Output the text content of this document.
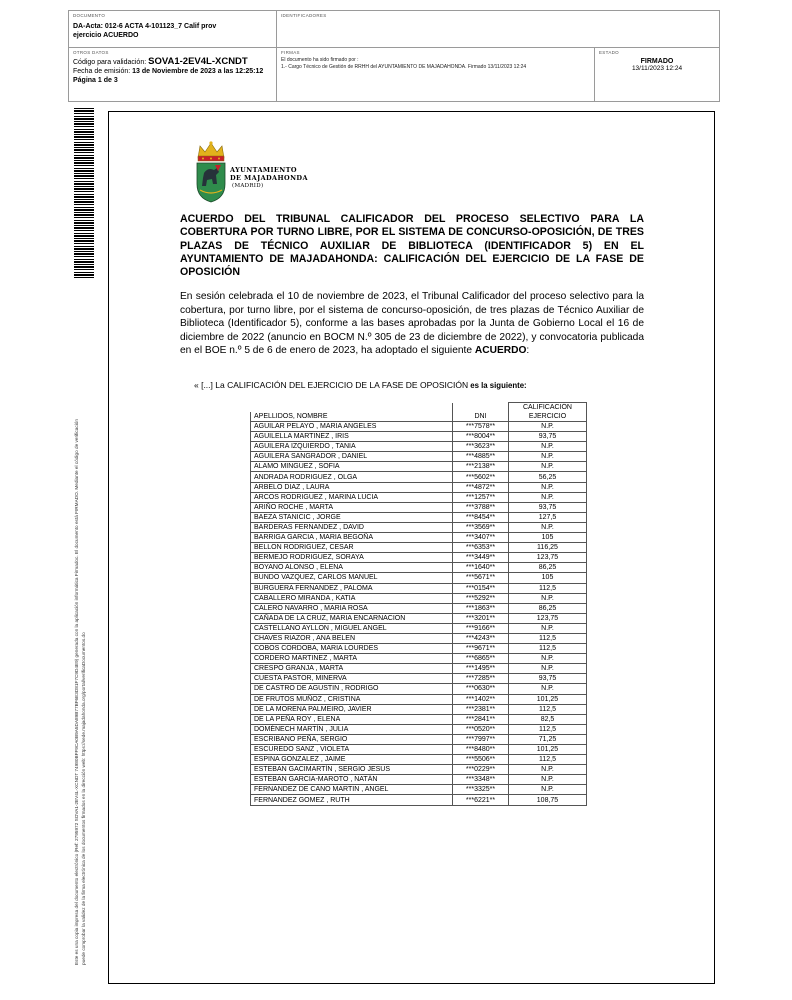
DOCUMENTO
DA-Acta: 012-6 ACTA 4-101123_7 Calif prov ejercicio ACUERDO
IDENTIFICADORES
OTROS DATOS
Código para validación: SOVA1-2EV4L-XCNDT
Fecha de emisión: 13 de Noviembre de 2023 a las 12:25:12
Página 1 de 3
FIRMAS
El documento ha sido firmado por :
1.- Cargo Técnico de Gestión de RRHH del AYUNTAMIENTO DE MAJADAHONDA. Firmado 13/11/2023 12:24
ESTADO
FIRMADO
13/11/2023 12:24
Este es una copia impresa del documento electrónico (Ref: 2795972 SOVA1-2EV4L-XCNDT 74980BFF9CA0B9A5DA89B77BF6E3D81F7C9D4E9) generada con la aplicación informática Firmadoc. El documento está FIRMADO. Mediante el código de verificación puede comprobar la validez de la firma electrónica de los documentos firmados en la dirección web: https://sede.majadahonda.org/portal/verificaDocumentos.do
AYUNTAMIENTO
DE MAJADAHONDA
(MADRID)
ACUERDO DEL TRIBUNAL CALIFICADOR DEL PROCESO SELECTIVO PARA LA COBERTURA POR TURNO LIBRE, POR EL SISTEMA DE CONCURSO-OPOSICIÓN, DE TRES PLAZAS DE TÉCNICO AUXILIAR DE BIBLIOTECA (IDENTIFICADOR 5) EN EL AYUNTAMIENTO DE MAJADAHONDA: CALIFICACIÓN DEL EJERCICIO DE LA FASE DE OPOSICIÓN
En sesión celebrada el 10 de noviembre de 2023, el Tribunal Calificador del proceso selectivo para la cobertura, por turno libre, por el sistema de concurso-oposición, de tres plazas de Técnico Auxiliar de Biblioteca (Identificador 5), conforme a las bases aprobadas por la Junta de Gobierno Local el 16 de diciembre de 2022 (anuncio en BOCM N.º 305 de 23 de diciembre de 2022), y convocatoria publicada en el BOE n.º 5 de 6 de enero de 2023, ha adoptado el siguiente ACUERDO:
« [...] La CALIFICACIÓN DEL EJERCICIO DE LA FASE DE OPOSICIÓN es la siguiente:
		CALIFICACIÓN
APELLIDOS, NOMBRE	DNI	EJERCICIO
AGUILAR PELAYO , MARIA ANGELES	***7578**	N.P.
AGUILELLA MARTINEZ , IRIS	***8004**	93,75
AGUILERA IZQUIERDO , TANIA	***3623**	N.P.
AGUILERA SANGRADOR , DANIEL	***4885**	N.P.
ALAMO MINGUEZ , SOFIA	***2138**	N.P.
ANDRADA RODRIGUEZ , OLGA	***5602**	56,25
ARBELO DIAZ , LAURA	***4872**	N.P.
ARCOS RODRIGUEZ , MARINA LUCIA	***1257**	N.P.
ARIÑO ROCHE , MARTA	***3788**	93,75
BAEZA STANICIC , JORGE	***8454**	127,5
BARDERAS FERNANDEZ , DAVID	***3569**	N.P.
BARRIGA GARCIA , MARIA BEGOÑA	***3407**	105
BELLON RODRIGUEZ, CESAR	***6353**	116,25
BERMEJO RODRIGUEZ, SORAYA	***3449**	123,75
BOYANO ALONSO , ELENA	***1640**	86,25
BUNDO VAZQUEZ, CARLOS MANUEL	***5671**	105
BURGUERA FERNANDEZ , PALOMA	***0154**	112,5
CABALLERO MIRANDA , KATIA	***5292**	N.P.
CALERO NAVARRO , MARIA ROSA	***1863**	86,25
CAÑADA DE LA CRUZ, MARIA ENCARNACION	***3201**	123,75
CASTELLANO AYLLON , MIGUEL ANGEL	***9166**	N.P.
CHAVES RIAZOR , ANA BELEN	***4243**	112,5
COBOS CORDOBA, MARIA LOURDES	***9671**	112,5
CORDERO MARTINEZ , MARTA	***6865**	N.P.
CRESPO GRANJA , MARTA	***1495**	N.P.
CUESTA PASTOR, MINERVA	***7285**	93,75
DE CASTRO DE AGUSTIN , RODRIGO	***0630**	N.P.
DE FRUTOS MUÑOZ , CRISTINA	***1402**	101,25
DE LA MORENA PALMEIRO, JAVIER	***2381**	112,5
DE LA PEÑA ROY , ELENA	***2841**	82,5
DOMÉNECH MARTÍN , JULIA	***0520**	112,5
ESCRIBANO PEÑA, SERGIO	***7997**	71,25
ESCUREDO SANZ , VIOLETA	***8480**	101,25
ESPINA GONZALEZ , JAIME	***5506**	112,5
ESTEBAN GACIMARTÍN , SERGIO JESUS	***0229**	N.P.
ESTEBAN GARCIA-MAROTO , NATÁN	***3348**	N.P.
FERNANDEZ DE CANO MARTIN , ANGEL	***3325**	N.P.
FERNANDEZ GOMEZ , RUTH	***6221**	108,75
